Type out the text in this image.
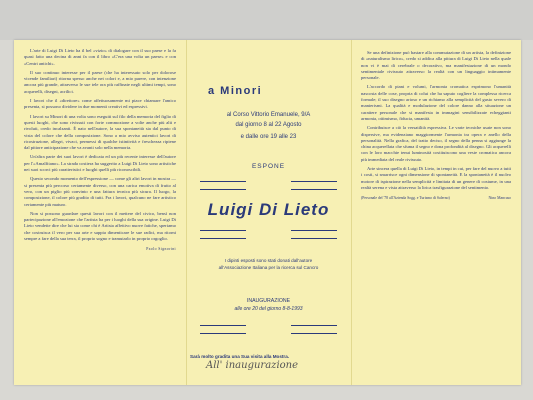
L'arte di Luigi Di Lieto ha il bel «vizio» di dialogare con il suo paese e la fa quasi fatto una decina di anni fa con il libro «C'era una volta un paese» e con «Centri antichi».

Il suo continuo interesse per il paese (che ha interessato solo per dolorose vicende familiari) ritorna spesso anche nei colori e, a mio parere, con intenzione ancora più grande, attraverso le sue tele ora più raffinate negli ultimi tempi, sono acquerelli, disegni, acrilici.

I lavori che il «direttore» come affettuosamente mi piace chiamare l'amico presenta, si possono dividere in due momenti creativi ed espressivi.

I lavori su Minori di una volta sono eseguiti sul filo della memoria del figlio di questi luoghi, che sono rivissuti con forte commozione a volte anche più alti e rivoluti, credo incalzanti. È nato nell'autore, la sua spontaneità sia dal punto di vista del colore che della composizione. Sono a mio avviso autentici lavori di ricostruzione, allegri, vivaci, permessi di qualche istintività e freschezza ripiene dal pittore anticipazione che va avanti solo nella memoria.

Un'altra parte dei suoi lavori è dedicata ed un più recente interesse dell'autore per l'«Amalfitano». La strada costiera ha suggerito a Luigi Di Lieto sono artistiche nei suoi scorci più caratteristici e luoghi quelli più riconoscibili.

Questo secondo momento dell'espressione — come gli altri lavori in mostra — si presenta più percorso certamente diverso, con una carica emotiva di frutto al vero, con un piglio più convinto e una fattura tecnica più sicura. Il luogo, la composizione, il colore più gradito di tutti. Fra i lavori, qualcuno ne fare artistico certamente più maturo.

Non si possono guardare questi lavori con il mettere del civico, bensì non partecipazione all'emozione che l'artista ha per i luoghi della sua origine. Luigi Di Lieto vendette dire che lui sia come chi è Artista affettivo nuove fatiche, speriamo che costruisca il vero per sua arte e sappia dimenticare le sue radici, ma ritorni sempre a fare della sua terra, il proprio sogno e tramutarlo in proprio orgoglio.

Paolo Signorini
a Minori
al Corso Vittorio Emanuele, 9/A
dal giorno 8 al 22 Agosto
e dalle ore 19 alle 23
ESPONE
Luigi Di Lieto
I dipinti esposti sono stati donati dall'autore
all'Associazione Italiana per la ricerca sul Cancro
INAUGURAZIONE
alle ore 20 del giorno 8-8-1993
Sarà molto gradita una Sua visita alla Mostra.
All' inaugurazione

Se una definizione può bastare alla commutazione di un artista, la definizione di «naturalismo lirico», credo si addica alla pittura di Luigi Di Lieto nella quale non vi è mai di cerebrale o decorativo, ma manifestazione di un mondo sentimentale rivissuto attraverso la realtà con un linguaggio intimamente personale.

L'accordo di piani e volumi, l'armonia cromatica esprimono l'umanità nascosta delle cose, propria di colui che ha saputo cogliere la complessa ricerca formale; il suo disegno arioso e un richiamo alla semplicità del gusto severo di manierismi. La qualità e modulazione del colore danno alla situazione un carattere personale che si manifesta in immagini sensibilizzate echeggianti armonia, ottimismo, fiducia, umanità.

Contribuisce a ciò la versatilità espressiva. Le varie tecniche usate non sono dispersive, ma evidenziano maggiormente l'armonia tra opera e anello della personalità. Nella grafica, del tratto deciso, il segno della penna si aggiunge la china acquerellata che sfuma il segno e dona profondità al disegno. Gli acquerelli con le loro macchie tenui luminosità costituiscono una veste cromatica ancora più immediata del reale rivissuto.

Arte sincera quella di Luigi Di Lieto, in tempi in cui, per fare del nuovo a tutti i costi, si smarrisce ogni dimensione di spontaneità. E la spontaneità è il nucleo motore di ispirazione nella semplicità e limitata di un genere di costume, in una realtà serena e vista attraverso la lirica trasfigurazione del sentimento.

(Personale del '78 all'Azienda Sogg. e Turismo di Salerno)	Nino Mancuso
